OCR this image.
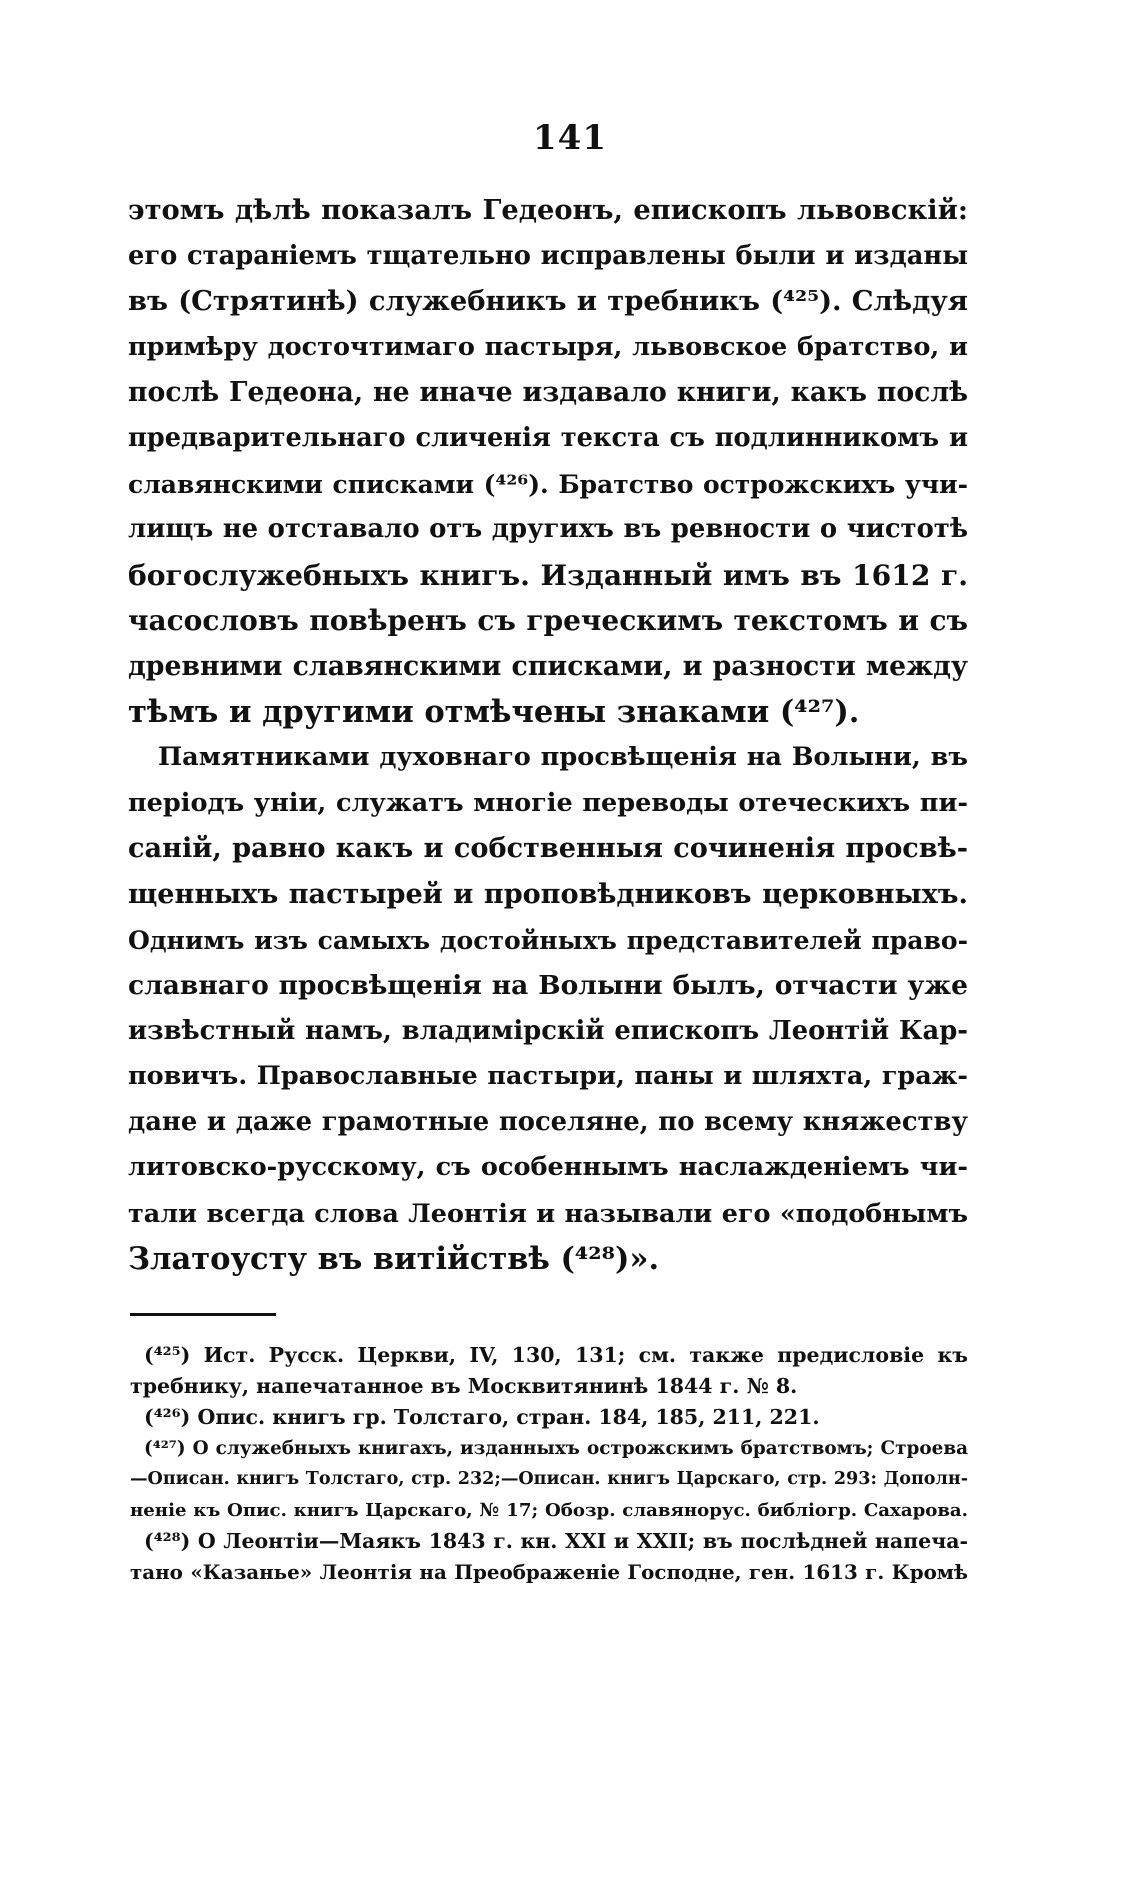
141
этомъ дѣлѣ показалъ Гедеонъ, епископъ львовскій:
его стараніемъ тщательно исправлены были и изданы
въ (Стрятинѣ) служебникъ и требникъ (⁴²⁵). Слѣдуя
примѣру досточтимаго пастыря, львовское братство, и
послѣ Гедеона, не иначе издавало книги, какъ послѣ
предварительнаго сличенія текста съ подлинникомъ и
славянскими списками (⁴²⁶). Братство острожскихъ учи-
лищъ не отставало отъ другихъ въ ревности о чистотѣ
богослужебныхъ книгъ. Изданный имъ въ 1612 г.
часословъ повѣренъ съ греческимъ текстомъ и съ
древними славянскими списками, и разности между
тѣмъ и другими отмѣчены знаками (⁴²⁷).
Памятниками духовнаго просвѣщенія на Волыни, въ
періодъ уніи, служатъ многіе переводы отеческихъ пи-
саній, равно какъ и собственныя сочиненія просвѣ-
щенныхъ пастырей и проповѣдниковъ церковныхъ.
Однимъ изъ самыхъ достойныхъ представителей право-
славнаго просвѣщенія на Волыни былъ, отчасти уже
извѣстный намъ, владимірскій епископъ Леонтій Кар-
повичъ. Православные пастыри, паны и шляхта, граж-
дане и даже грамотные поселяне, по всему княжеству
литовско-русскому, съ особеннымъ наслажденіемъ чи-
тали всегда слова Леонтія и называли его «подобнымъ
Златоусту въ витійствѣ (⁴²⁸)».
(⁴²⁵) Ист. Русск. Церкви, IV, 130, 131; см. также предисловіе къ
требнику, напечатанное въ Москвитянинѣ 1844 г. № 8.
(⁴²⁶) Опис. книгъ гр. Толстаго, стран. 184, 185, 211, 221.
(⁴²⁷) О служебныхъ книгахъ, изданныхъ острожскимъ братствомъ; Строева
—Описан. книгъ Толстаго, стр. 232;—Описан. книгъ Царскаго, стр. 293: Дополн-
неніе къ Опис. книгъ Царскаго, № 17; Обозр. славянорус. библіогр. Сахарова.
(⁴²⁸) О Леонтіи—Маякъ 1843 г. кн. XXI и XXII; въ послѣдней напеча-
тано «Казанье» Леонтія на Преображеніе Господне, ген. 1613 г. Кромѣ
